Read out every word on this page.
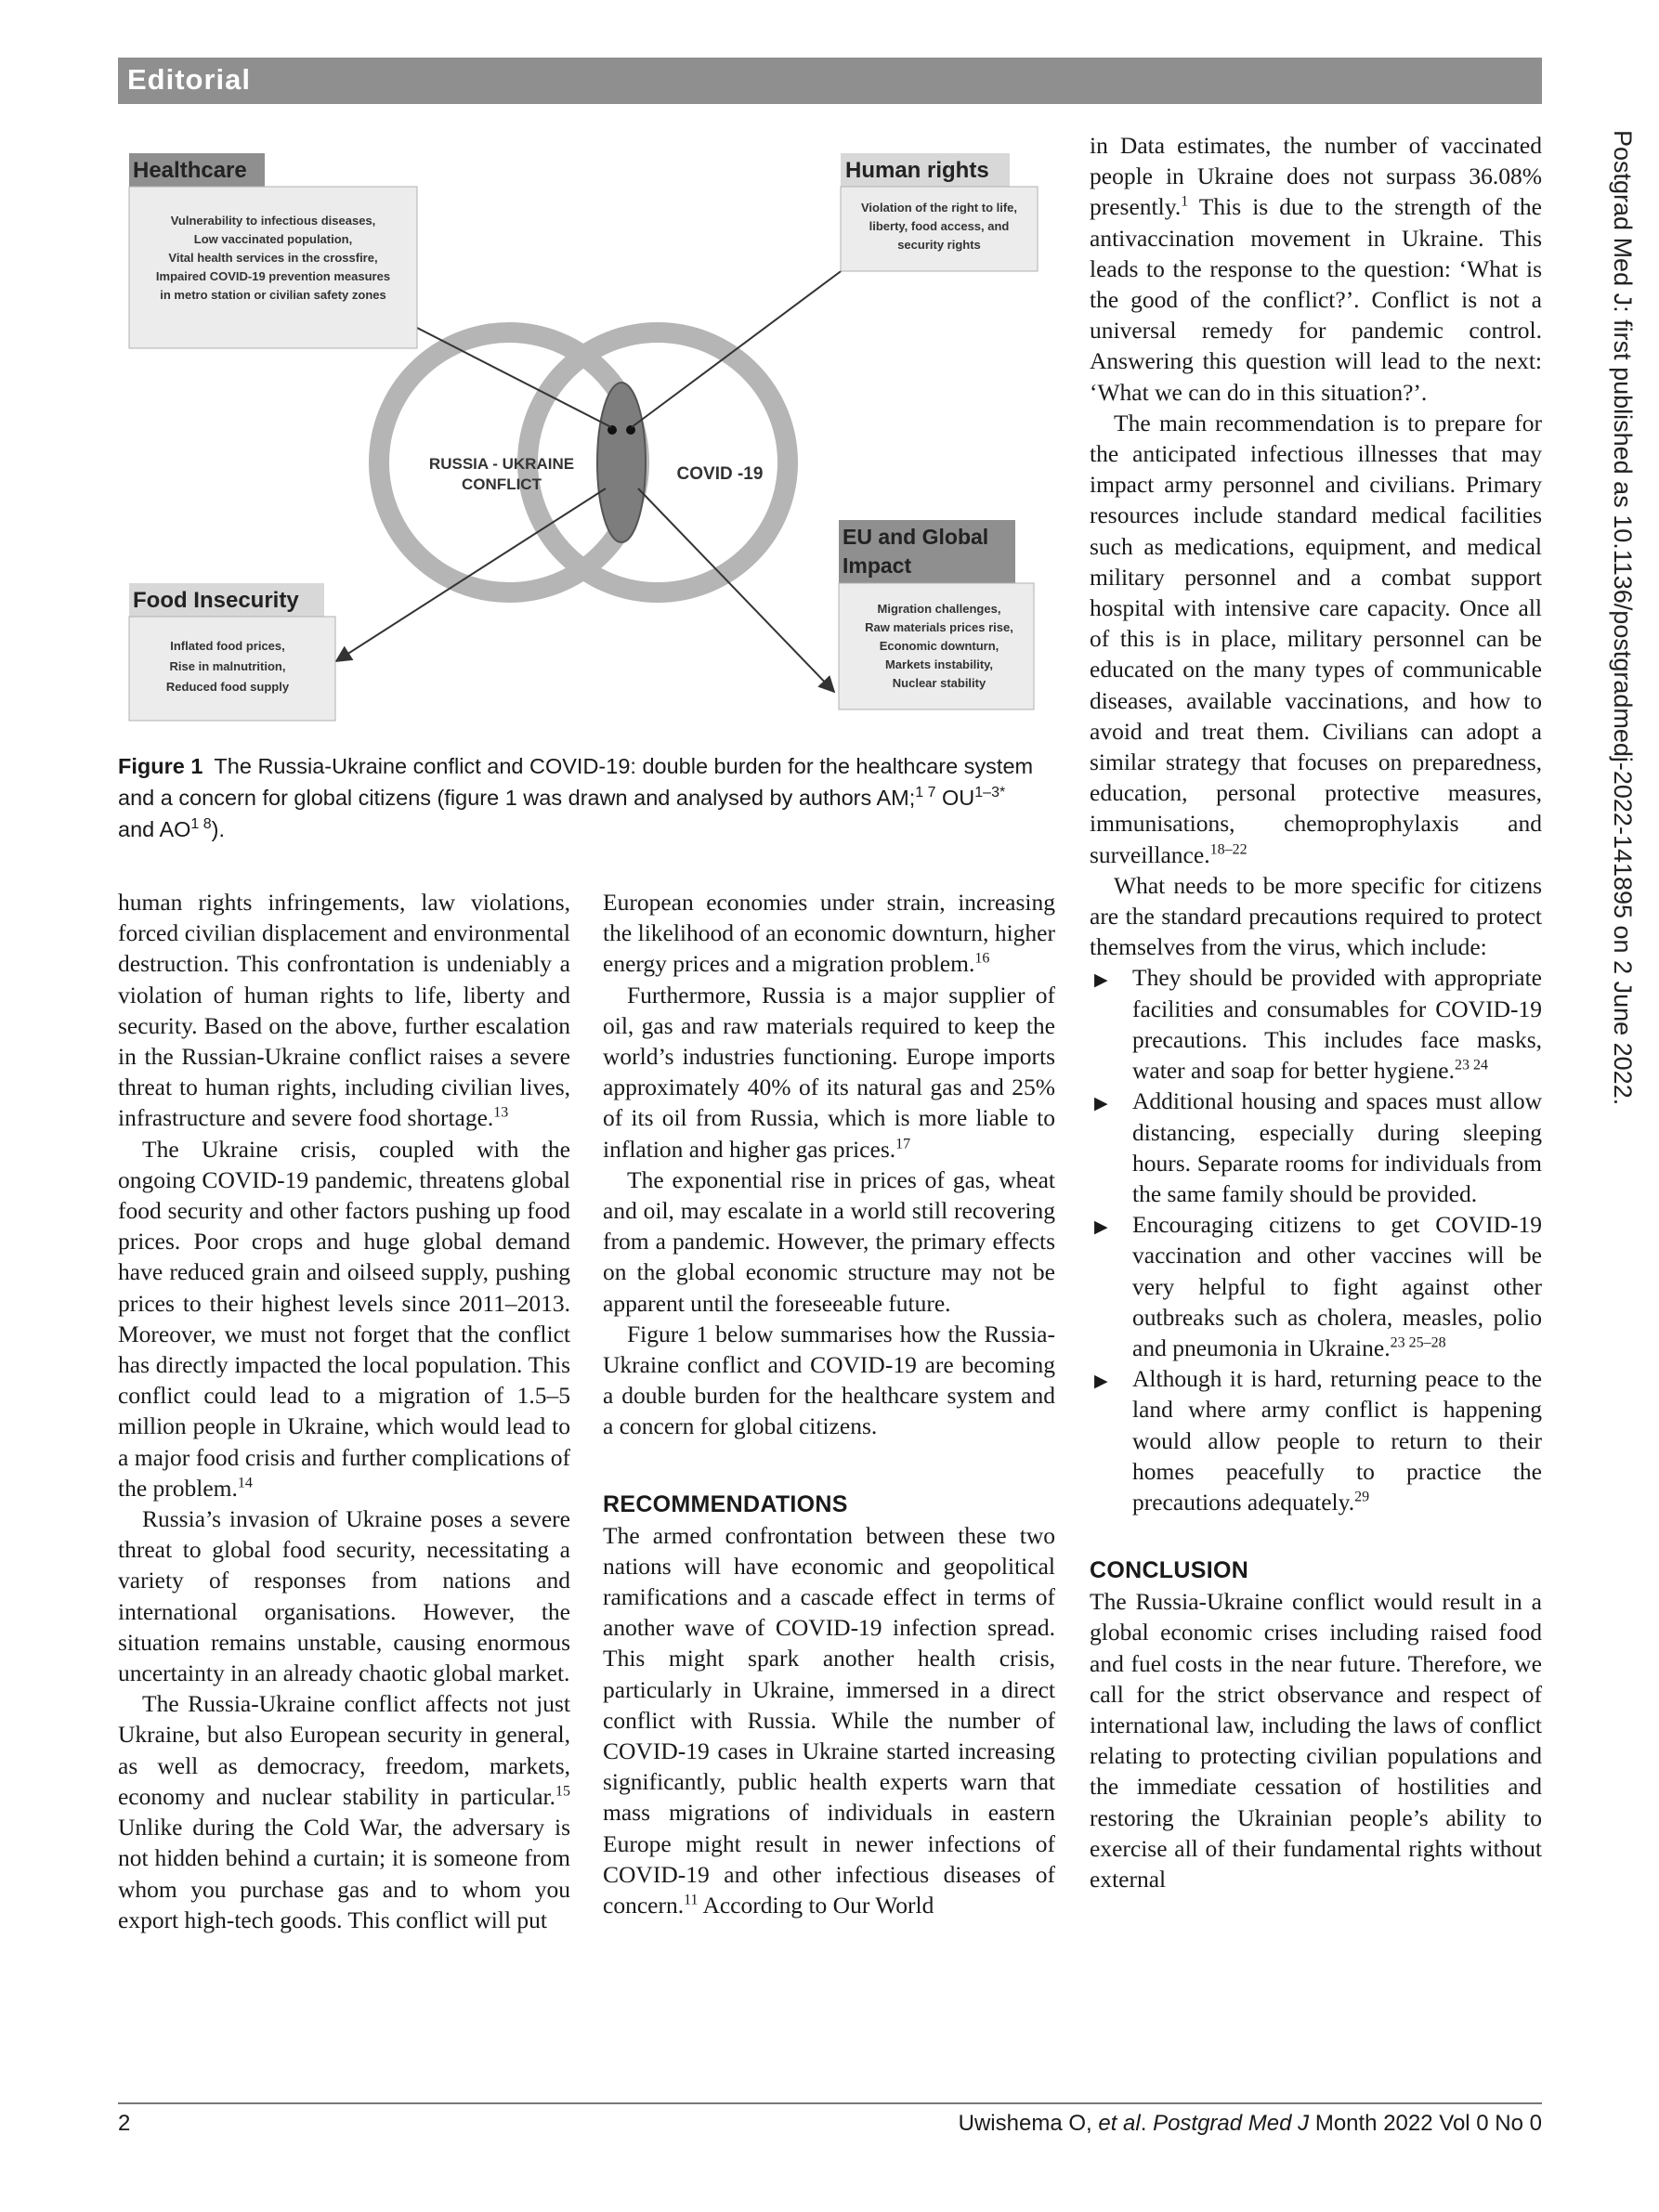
Editorial
Postgrad Med J: first published as 10.1136/postgradmedj-2022-141895 on 2 June 2022.
RUSSIA - UKRAINE
CONFLICT
COVID -19
Healthcare
Vulnerability to infectious diseases,
Low vaccinated population,
Vital health services in the crossfire,
Impaired COVID-19 prevention measures
in metro station or civilian safety zones
Human rights
Violation of the right to life,
liberty, food access, and
security rights
Food Insecurity
Inflated food prices,
Rise in malnutrition,
Reduced food supply
EU and Global
Impact
Migration challenges,
Raw materials prices rise,
Economic downturn,
Markets instability,
Nuclear stability
Figure 1 The Russia-Ukraine conflict and COVID-19: double burden for the healthcare system and a concern for global citizens (figure 1 was drawn and analysed by authors AM;$^{1 7}$ $OU^{1-3*}$ and $AO^{1 8}$).

human rights infringements, law violations, forced civilian displacement and environmental destruction. This confrontation is undeniably a violation of human rights to life, liberty and security. Based on the above, further escalation in the Russian-Ukraine conflict raises a severe threat to human rights, including civilian lives, infrastructure and severe food shortage.$^{13}$

The Ukraine crisis, coupled with the ongoing COVID-19 pandemic, threatens global food security and other factors pushing up food prices. Poor crops and huge global demand have reduced grain and oilseed supply, pushing prices to their highest levels since 2011–2013. Moreover, we must not forget that the conflict has directly impacted the local population. This conflict could lead to a migration of 1.5–5 million people in Ukraine, which would lead to a major food crisis and further complications of the problem.$^{14}$

Russia’s invasion of Ukraine poses a severe threat to global food security, necessitating a variety of responses from nations and international organisations. However, the situation remains unstable, causing enormous uncertainty in an already chaotic global market.

The Russia-Ukraine conflict affects not just Ukraine, but also European security in general, as well as democracy, freedom, markets, economy and nuclear stability in particular.$^{15}$ Unlike during the Cold War, the adversary is not hidden behind a curtain; it is someone from whom you purchase gas and to whom you export high-tech goods. This conflict will put

European economies under strain, increasing the likelihood of an economic downturn, higher energy prices and a migration problem.$^{16}$

Furthermore, Russia is a major supplier of oil, gas and raw materials required to keep the world’s industries functioning. Europe imports approximately 40% of its natural gas and 25% of its oil from Russia, which is more liable to inflation and higher gas prices.$^{17}$

The exponential rise in prices of gas, wheat and oil, may escalate in a world still recovering from a pandemic. However, the primary effects on the global economic structure may not be apparent until the foreseeable future.

Figure 1 below summarises how the Russia-Ukraine conflict and COVID-19 are becoming a double burden for the healthcare system and a concern for global citizens.

RECOMMENDATIONS

The armed confrontation between these two nations will have economic and geopolitical ramifications and a cascade effect in terms of another wave of COVID-19 infection spread. This might spark another health crisis, particularly in Ukraine, immersed in a direct conflict with Russia. While the number of COVID-19 cases in Ukraine started increasing significantly, public health experts warn that mass migrations of individuals in eastern Europe might result in newer infections of COVID-19 and other infectious diseases of concern.$^{11}$ According to Our World

in Data estimates, the number of vaccinated people in Ukraine does not surpass 36.08% presently.$^1$ This is due to the strength of the antivaccination movement in Ukraine. This leads to the response to the question: ‘What is the good of the conflict?’. Conflict is not a universal remedy for pandemic control. Answering this question will lead to the next: ‘What we can do in this situation?’.

The main recommendation is to prepare for the anticipated infectious illnesses that may impact army personnel and civilians. Primary resources include standard medical facilities such as medications, equipment, and medical military personnel and a combat support hospital with intensive care capacity. Once all of this is in place, military personnel can be educated on the many types of communicable diseases, available vaccinations, and how to avoid and treat them. Civilians can adopt a similar strategy that focuses on preparedness, education, personal protective measures, immunisations, chemoprophylaxis and surveillance.$^{18-22}$

What needs to be more specific for citizens are the standard precautions required to protect themselves from the virus, which include:

▶ They should be provided with appropriate facilities and consumables for COVID-19 precautions. This includes face masks, water and soap for better hygiene.$^{23 24}$
▶ Additional housing and spaces must allow distancing, especially during sleeping hours. Separate rooms for individuals from the same family should be provided.
▶ Encouraging citizens to get COVID-19 vaccination and other vaccines will be very helpful to fight against other outbreaks such as cholera, measles, polio and pneumonia in Ukraine.$^{23 25-28}$
▶ Although it is hard, returning peace to the land where army conflict is happening would allow people to return to their homes peacefully to practice the precautions adequately.$^{29}$
CONCLUSION

The Russia-Ukraine conflict would result in a global economic crises including raised food and fuel costs in the near future. Therefore, we call for the strict observance and respect of international law, including the laws of conflict relating to protecting civilian populations and the immediate cessation of hostilities and restoring the Ukrainian people’s ability to exercise all of their fundamental rights without external

2	Uwishema O, et al. Postgrad Med J Month 2022 Vol 0 No 0
